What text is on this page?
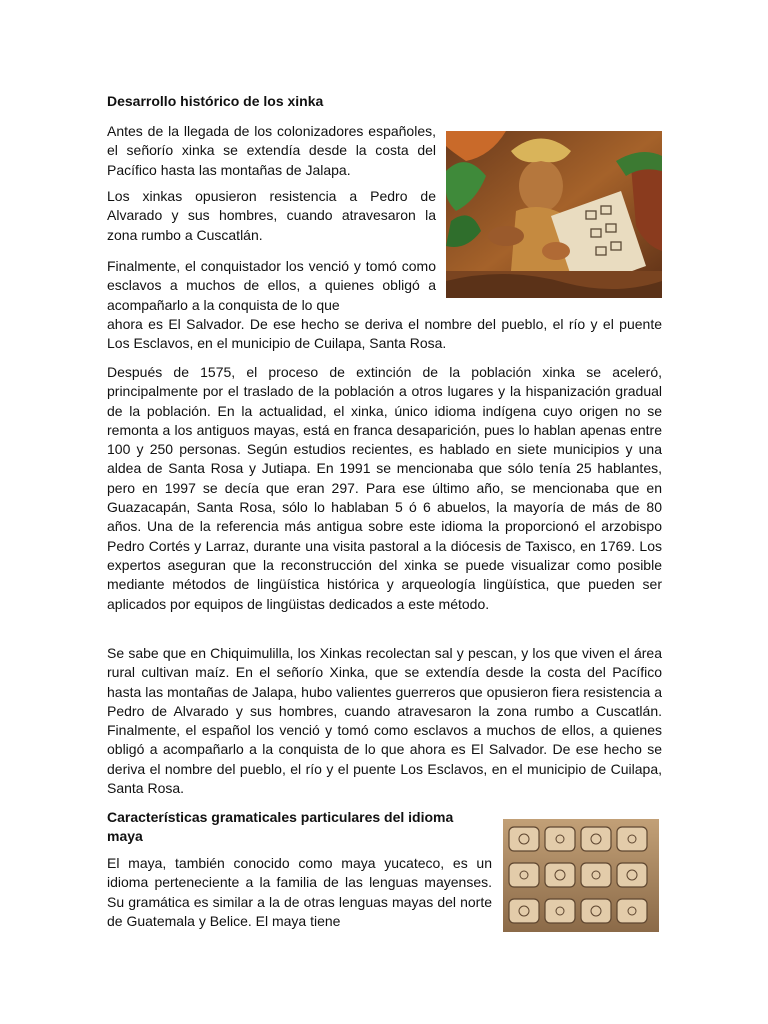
Desarrollo histórico de los xinka

Antes de la llegada de los colonizadores españoles, el señorío xinka se extendía desde la costa del Pacífico hasta las montañas de Jalapa.

Los xinkas opusieron resistencia a Pedro de Alvarado y sus hombres, cuando atravesaron la zona rumbo a Cuscatlán.

Finalmente, el conquistador los venció y tomó como esclavos a muchos de ellos, a quienes obligó a acompañarlo a la conquista de lo que

ahora es El Salvador. De ese hecho se deriva el nombre del pueblo, el río y el puente Los Esclavos, en el municipio de Cuilapa, Santa Rosa.

Después de 1575, el proceso de extinción de la población xinka se aceleró, principalmente por el traslado de la población a otros lugares y la hispanización gradual de la población. En la actualidad, el xinka, único idioma indígena cuyo origen no se remonta a los antiguos mayas, está en franca desaparición, pues lo hablan apenas entre 100 y 250 personas. Según estudios recientes, es hablado en siete municipios y una aldea de Santa Rosa y Jutiapa. En 1991 se mencionaba que sólo tenía 25 hablantes, pero en 1997 se decía que eran 297. Para ese último año, se mencionaba que en Guazacapán, Santa Rosa, sólo lo hablaban 5 ó 6 abuelos, la mayoría de más de 80 años. Una de la referencia más antigua sobre este idioma la proporcionó el arzobispo Pedro Cortés y Larraz, durante una visita pastoral a la diócesis de Taxisco, en 1769. Los expertos aseguran que la reconstrucción del xinka se puede visualizar como posible mediante métodos de lingüística histórica y arqueología lingüística, que pueden ser aplicados por equipos de lingüistas dedicados a este método.

Se sabe que en Chiquimulilla, los Xinkas recolectan sal y pescan, y los que viven el área rural cultivan maíz. En el señorío Xinka, que se extendía desde la costa del Pacífico hasta las montañas de Jalapa, hubo valientes guerreros que opusieron fiera resistencia a Pedro de Alvarado y sus hombres, cuando atravesaron la zona rumbo a Cuscatlán. Finalmente, el español los venció y tomó como esclavos a muchos de ellos, a quienes obligó a acompañarlo a la conquista de lo que ahora es El Salvador. De ese hecho se deriva el nombre del pueblo, el río y el puente Los Esclavos, en el municipio de Cuilapa, Santa Rosa.

Características gramaticales particulares del idioma maya

El maya, también conocido como maya yucateco, es un idioma perteneciente a la familia de las lenguas mayenses. Su gramática es similar a la de otras lenguas mayas del norte de Guatemala y Belice. El maya tiene
